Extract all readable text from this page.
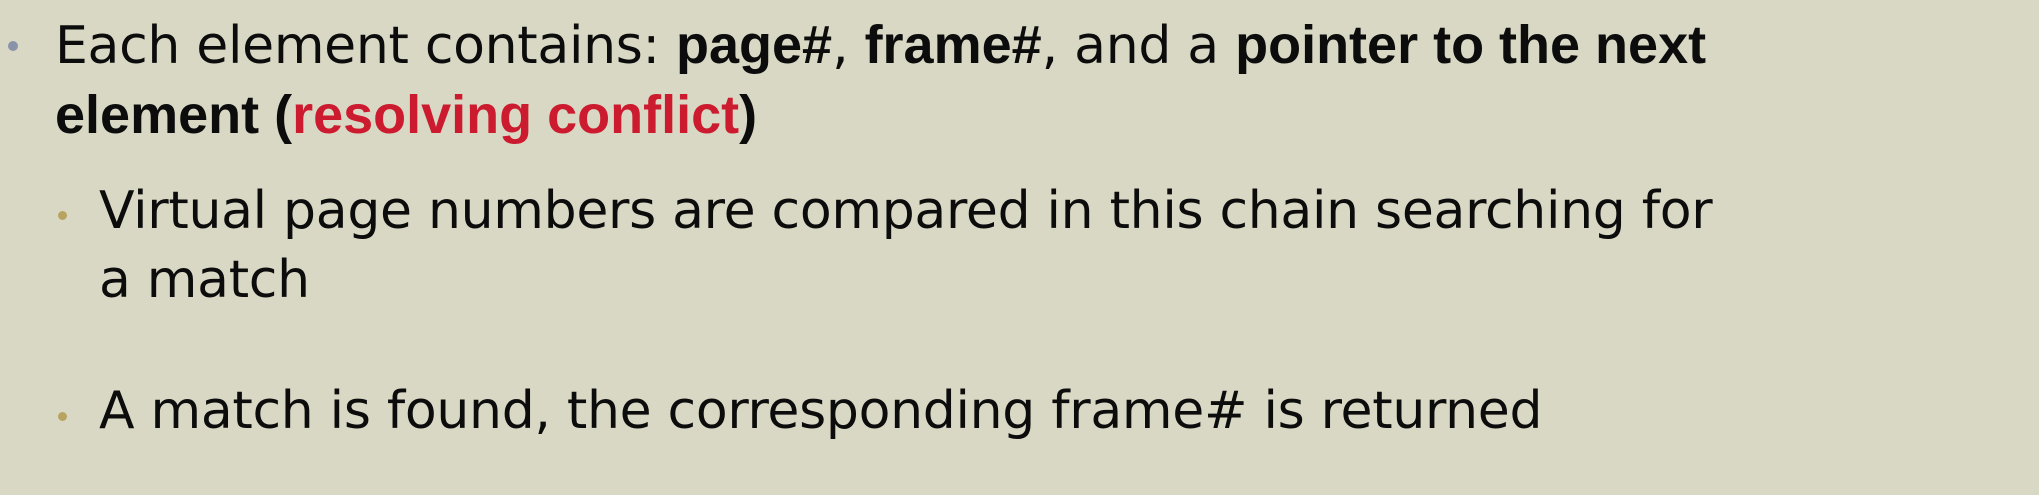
Each element contains: page#, frame#, and a pointer to the next
element (resolving conflict)
Virtual page numbers are compared in this chain searching for
a match
A match is found, the corresponding frame# is returned
